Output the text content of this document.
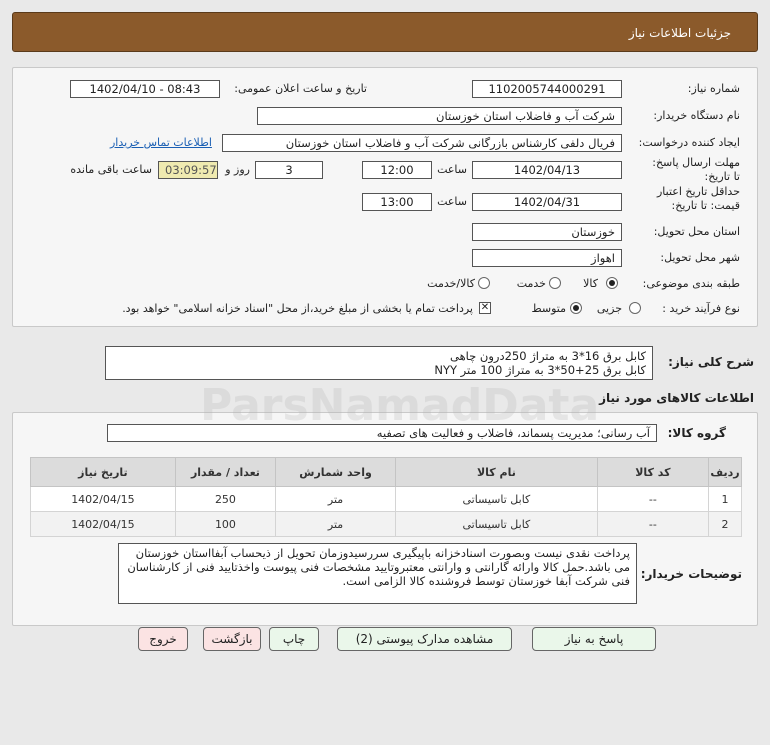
جزئیات اطلاعات نیاز
شماره نیاز:
1102005744000291
تاریخ و ساعت اعلان عمومی:
1402/04/10 - 08:43
نام دستگاه خریدار:
شرکت آب و فاضلاب استان خوزستان
ایجاد کننده درخواست:
فریال دلفی کارشناس بازرگانی شرکت آب و فاضلاب استان خوزستان
اطلاعات تماس خریدار
مهلت ارسال پاسخ: تا تاریخ:
1402/04/13
ساعت
12:00
3
روز و
03:09:57
ساعت باقی مانده
حداقل تاریخ اعتبار قیمت: تا تاریخ:
1402/04/31
ساعت
13:00
استان محل تحویل:
خوزستان
شهر محل تحویل:
اهواز
طبقه بندی موضوعی:
کالا
خدمت
کالا/خدمت
نوع فرآیند خرید :
جزیی
متوسط
✕
پرداخت تمام یا بخشی از مبلغ خرید،از محل "اسناد خزانه اسلامی" خواهد بود.
شرح کلی نیاز:
کابل برق 16*3 به متراژ 250درون چاهی
کابل برق 25+50*3 به متراژ 100 متر NYY
اطلاعات کالاهای مورد نیاز
گروه کالا:
آب رسانی؛ مدیریت پسماند، فاضلاب و فعالیت های تصفیه
ردیف	کد کالا	نام کالا	واحد شمارش	تعداد / مقدار	تاریخ نیاز
1	--	کابل تاسیساتی	متر	250	1402/04/15
2	--	کابل تاسیساتی	متر	100	1402/04/15
توضیحات خریدار:
پرداخت نقدی نیست وبصورت اسنادخزانه باپیگیری سررسیدوزمان تحویل از ذیحساب آبفااستان خوزستان می باشد.حمل کالا وارائه گارانتی و وارانتی معتبروتایید مشخصات فنی پیوست واخذتایید فنی از کارشناسان فنی شرکت آبفا خوزستان توسط فروشنده کالا الزامی است.
ParsNamadData
پاسخ به نیاز
مشاهده مدارک پیوستی (2)
چاپ
بازگشت
خروج
